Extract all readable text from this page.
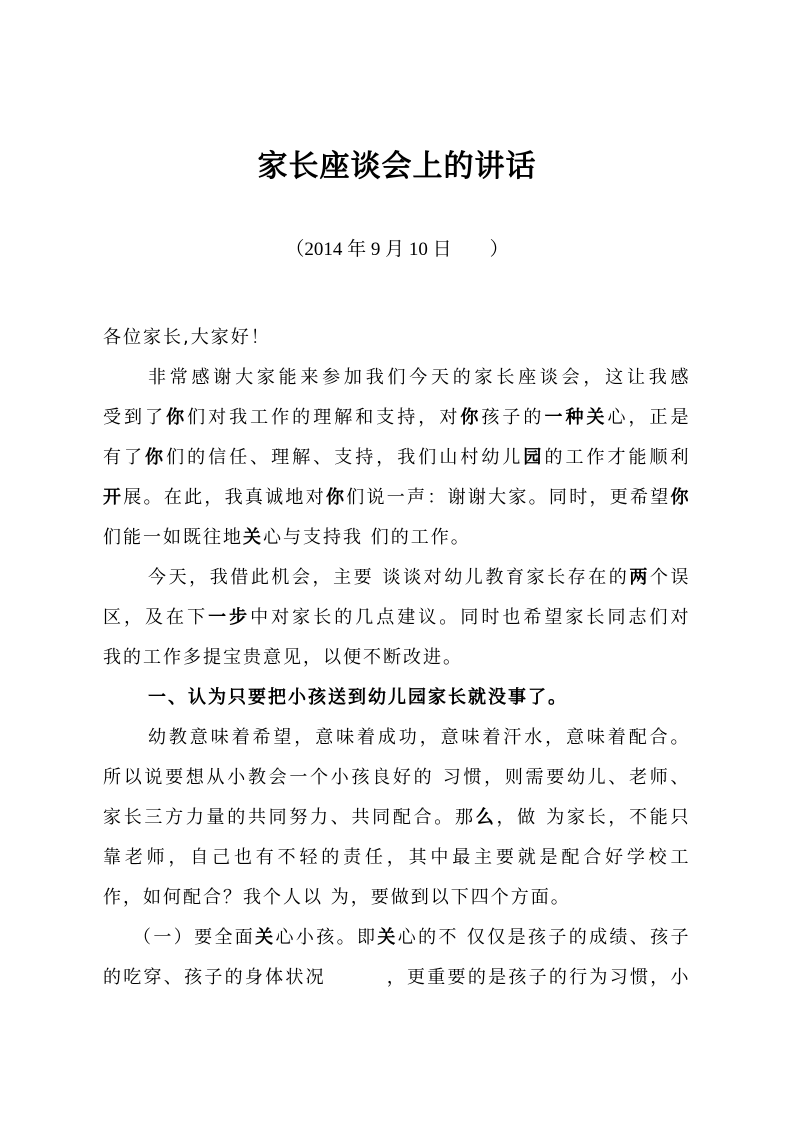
家长座谈会上的讲话
（2014 年 9 月 10 日　　）
各位家长,大家好！
非常感谢大家能来参加我们今天的家长座谈会，这让我感
受到了你们对我工作的理解和支持，对你孩子的一种关心，正是
有了你们的信任、理解、支持，我们山村幼儿园的工作才能顺利
开展。在此，我真诚地对你们说一声：谢谢大家。同时，更希望你
们能一如既往地关心与支持我 们的工作。
今天，我借此机会，主要 谈谈对幼儿教育家长存在的两个误
区，及在下一步中对家长的几点建议。同时也希望家长同志们对
我的工作多提宝贵意见，以便不断改进。
一、认为只要把小孩送到幼儿园家长就没事了。
幼教意味着希望，意味着成功，意味着汗水，意味着配合。
所以说要想从小教会一个小孩良好的 习惯，则需要幼儿、老师、
家长三方力量的共同努力、共同配合。那么，做 为家长，不能只
靠老师，自己也有不轻的责任，其中最主要就是配合好学校工
作，如何配合？我个人以 为，要做到以下四个方面。
（一）要全面关心小孩。即关心的不 仅仅是孩子的成绩、孩子
的吃穿、孩子的身体状况　　　，更重要的是孩子的行为习惯，小
